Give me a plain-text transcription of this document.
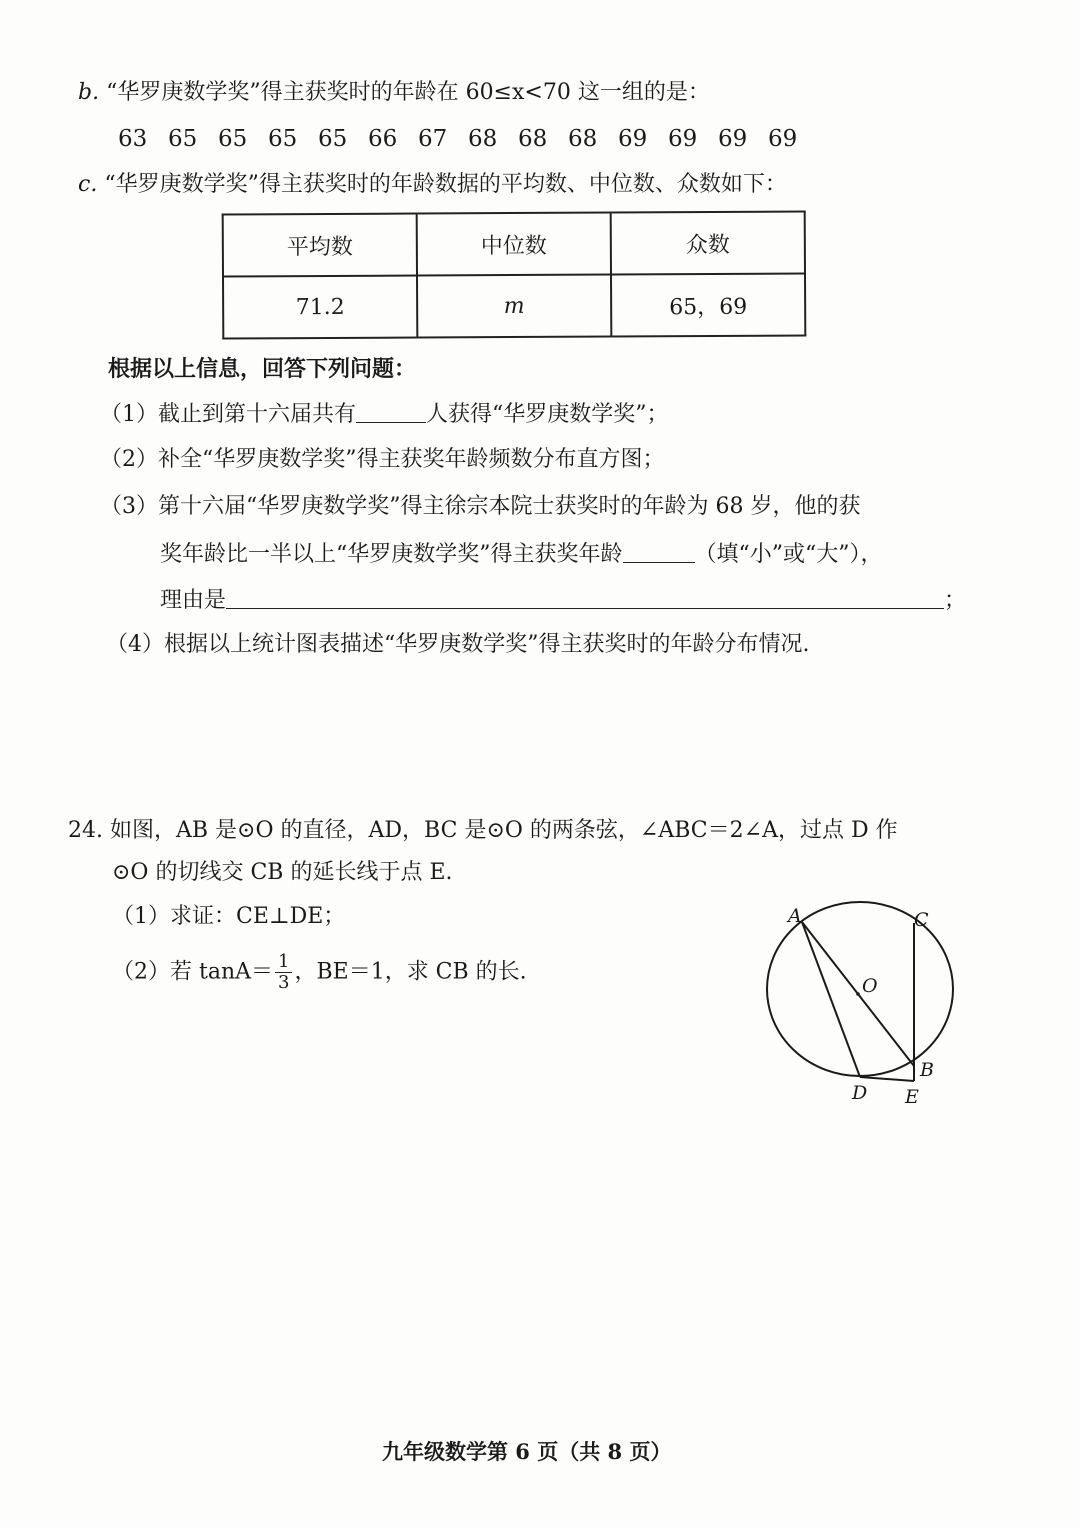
b. “华罗庚数学奖”得主获奖时的年龄在 60≤x<70 这一组的是：
63 65 65 65 65 66 67 68 68 68 69 69 69 69
c. “华罗庚数学奖”得主获奖时的年龄数据的平均数、中位数、众数如下：
平均数	中位数	众数
71.2	m	65，69
根据以上信息，回答下列问题：
（1）截止到第十六届共有	人获得“华罗庚数学奖”；
（2）补全“华罗庚数学奖”得主获奖年龄频数分布直方图；
（3）第十六届“华罗庚数学奖”得主徐宗本院士获奖时的年龄为 68 岁，他的获
奖年龄比一半以上“华罗庚数学奖”得主获奖年龄	（填“小”或“大”），
理由是	；
（4）根据以上统计图表描述“华罗庚数学奖”得主获奖时的年龄分布情况.
24. 如图，AB 是⊙O 的直径，AD，BC 是⊙O 的两条弦，∠ABC＝2∠A，过点 D 作
⊙O 的切线交 CB 的延长线于点 E.
（1）求证：CE⊥DE；
（2）若 $\tan A= \frac{1}{3}$ ，BE＝1，求 CB 的长.
A	C
O
B
D E
九年级数学第 6 页（共 8 页）
